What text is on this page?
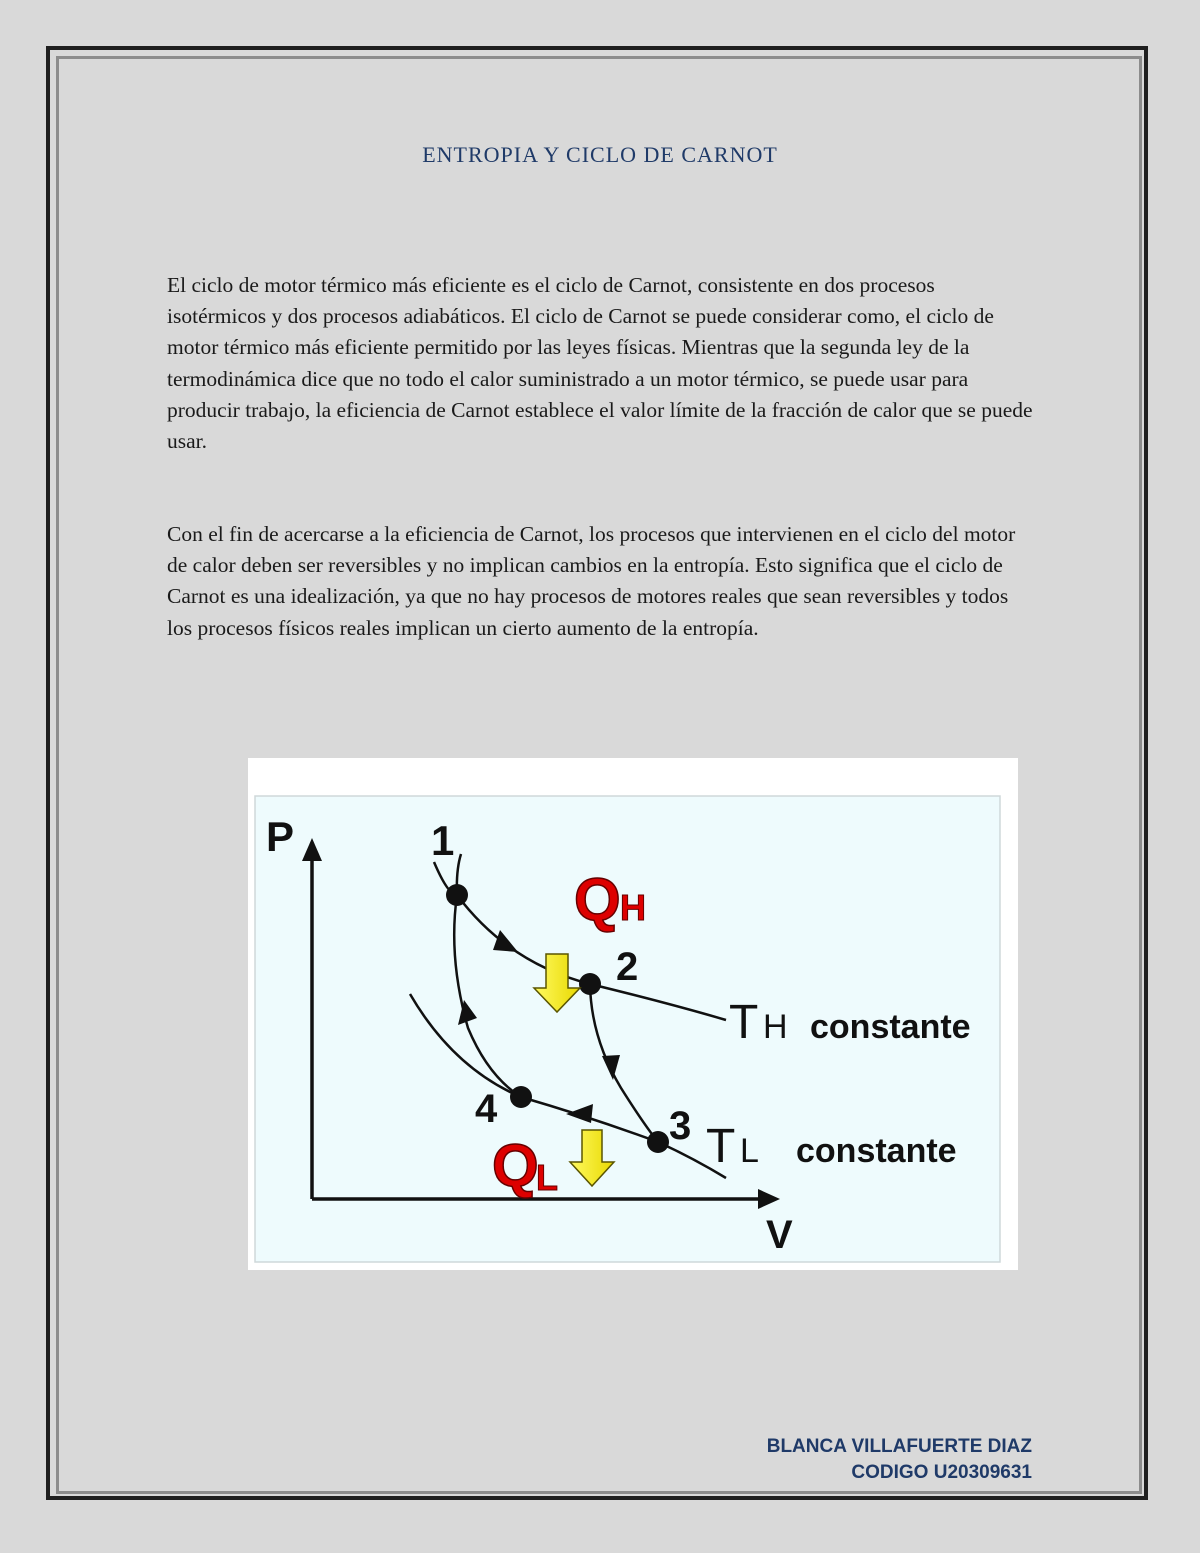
ENTROPIA Y CICLO DE CARNOT

El ciclo de motor térmico más eficiente es el ciclo de Carnot, consistente en dos procesos isotérmicos y dos procesos adiabáticos. El ciclo de Carnot se puede considerar como, el ciclo de motor térmico más eficiente permitido por las leyes físicas. Mientras que la segunda ley de la termodinámica dice que no todo el calor suministrado a un motor térmico, se puede usar para producir trabajo, la eficiencia de Carnot establece el valor límite de la fracción de calor que se puede usar.

Con el fin de acercarse a la eficiencia de Carnot, los procesos que intervienen en el ciclo del motor de calor deben ser reversibles y no implican cambios en la entropía. Esto significa que el ciclo de Carnot es una idealización, ya que no hay procesos de motores reales que sean reversibles y todos los procesos físicos reales implican un cierto aumento de la entropía.

P
V
1
2
3
4
Q H
Q
L
T H constante
T L constante
BLANCA VILLAFUERTE DIAZ
CODIGO U20309631
